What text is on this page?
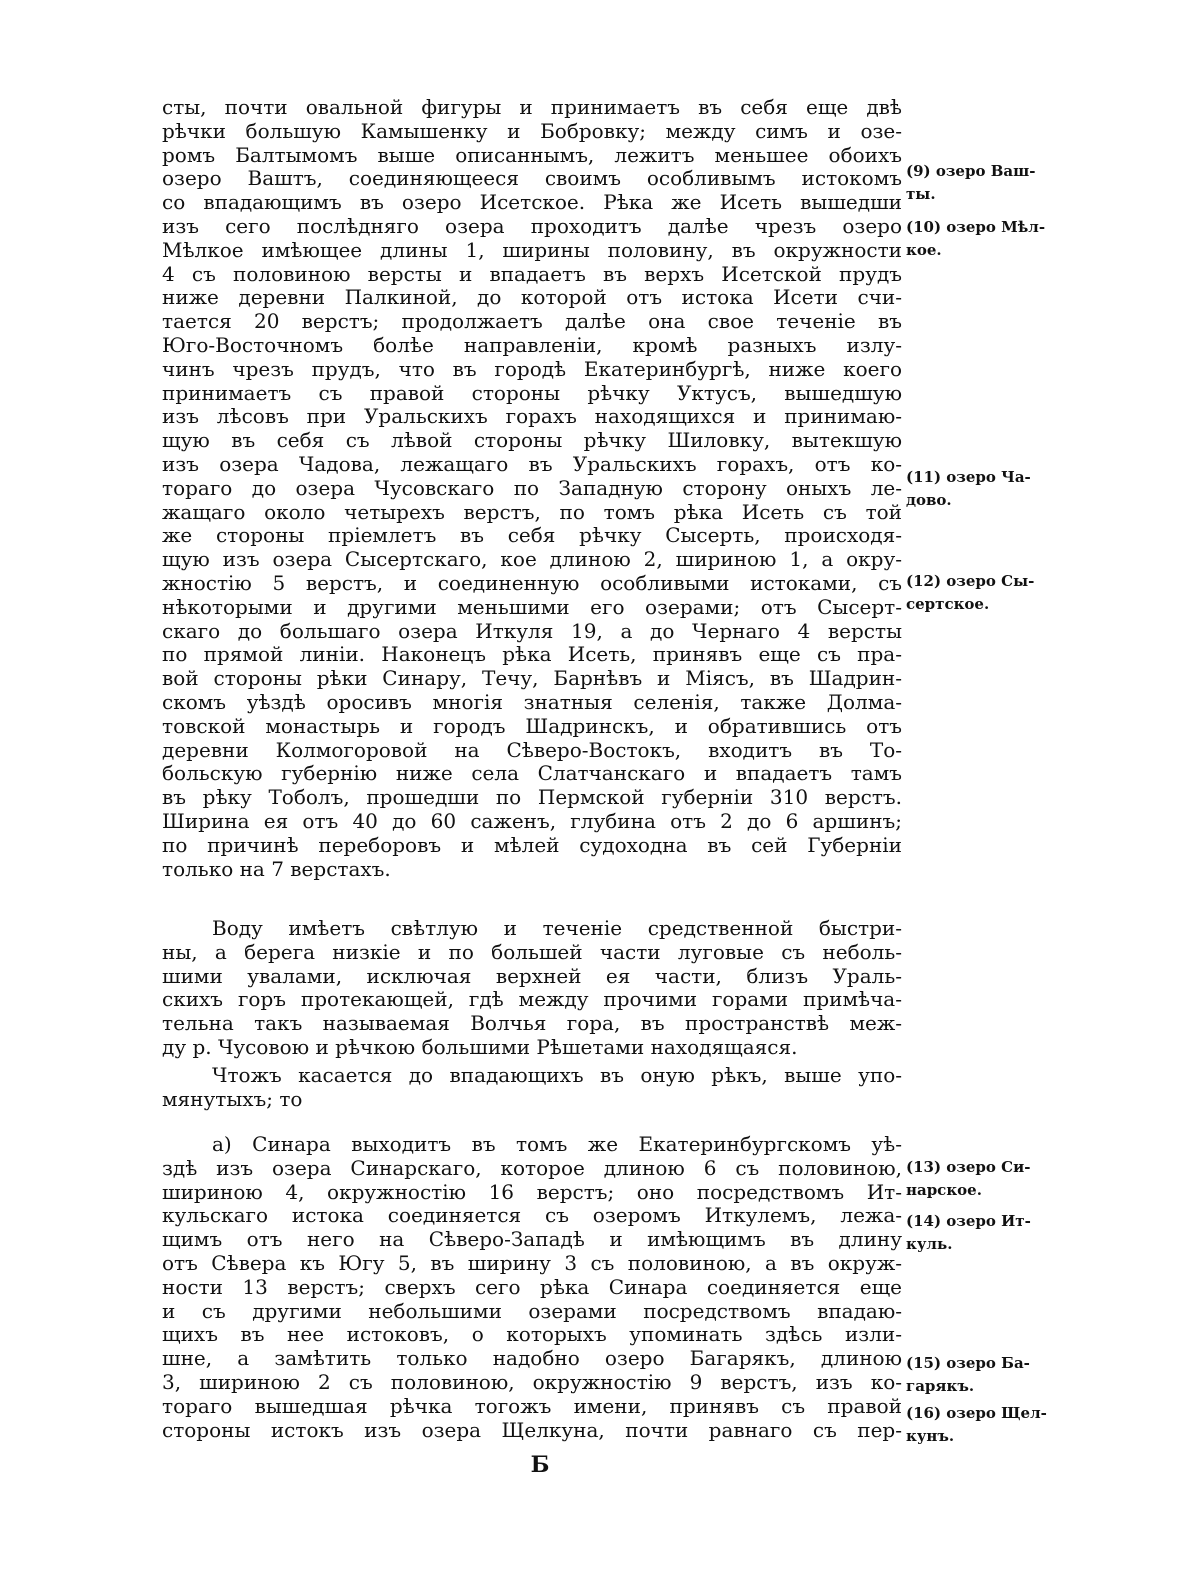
сты, почти овальной фигуры и принимаетъ въ себя еще двѣ
рѣчки большую Камышенку и Бобровку; между симъ и озе-
ромъ Балтымомъ выше описаннымъ, лежитъ меньшее обоихъ
озеро Ваштъ, соединяющееся своимъ особливымъ истокомъ
со впадающимъ въ озеро Исетское. Рѣка же Исеть вышедши
изъ сего послѣдняго озера проходитъ далѣе чрезъ озеро
Мѣлкое имѣющее длины 1, ширины половину, въ окружности
4 съ половиною версты и впадаетъ въ верхъ Исетской прудъ
ниже деревни Палкиной, до которой отъ истока Исети счи-
тается 20 верстъ; продолжаетъ далѣе она свое теченіе въ
Юго-Восточномъ болѣе направленіи, кромѣ разныхъ излу-
чинъ чрезъ прудъ, что въ городѣ Екатеринбургѣ, ниже коего
принимаетъ съ правой стороны рѣчку Уктусъ, вышедшую
изъ лѣсовъ при Уральскихъ горахъ находящихся и принимаю-
щую въ себя съ лѣвой стороны рѣчку Шиловку, вытекшую
изъ озера Чадова, лежащаго въ Уральскихъ горахъ, отъ ко-
тораго до озера Чусовскаго по Западную сторону оныхъ ле-
жащаго около четырехъ верстъ, по томъ рѣка Исеть съ той
же стороны пріемлетъ въ себя рѣчку Сысерть, происходя-
щую изъ озера Сысертскаго, кое длиною 2, шириною 1, а окру-
жностію 5 верстъ, и соединенную особливыми истоками, съ
нѣкоторыми и другими меньшими его озерами; отъ Сысерт-
скаго до большаго озера Иткуля 19, а до Чернаго 4 версты
по прямой линіи. Наконецъ рѣка Исеть, принявъ еще съ пра-
вой стороны рѣки Синару, Течу, Барнѣвъ и Міясъ, въ Шадрин-
скомъ уѣздѣ оросивъ многія знатныя селенія, также Долма-
товской монастырь и городъ Шадринскъ, и обратившись отъ
деревни Колмогоровой на Сѣверо-Востокъ, входитъ въ То-
больскую губернію ниже села Слатчанскаго и впадаетъ тамъ
въ рѣку Тоболъ, прошедши по Пермской губерніи 310 верстъ.
Ширина ея отъ 40 до 60 саженъ, глубина отъ 2 до 6 аршинъ;
по причинѣ переборовъ и мѣлей судоходна въ сей Губерніи
только на 7 верстахъ.
Воду имѣетъ свѣтлую и теченіе средственной быстри-
ны, а берега низкіе и по большей части луговые съ неболь-
шими увалами, исключая верхней ея части, близъ Ураль-
скихъ горъ протекающей, гдѣ между прочими горами примѣча-
тельна такъ называемая Волчья гора, въ пространствѣ меж-
ду р. Чусовою и рѣчкою большими Рѣшетами находящаяся.
Чтожъ касается до впадающихъ въ оную рѣкъ, выше упо-
мянутыхъ; то
а) Синара выходитъ въ томъ же Екатеринбургскомъ уѣ-
здѣ изъ озера Синарскаго, которое длиною 6 съ половиною,
шириною 4, окружностію 16 верстъ; оно посредствомъ Ит-
кульскаго истока соединяется съ озеромъ Иткулемъ, лежа-
щимъ отъ него на Сѣверо-Западѣ и имѣющимъ въ длину
отъ Сѣвера къ Югу 5, въ ширину 3 съ половиною, а въ окруж-
ности 13 верстъ; сверхъ сего рѣка Синара соединяется еще
и съ другими небольшими озерами посредствомъ впадаю-
щихъ въ нее истоковъ, о которыхъ упоминать здѣсь изли-
шне, а замѣтить только надобно озеро Багарякъ, длиною
3, шириною 2 съ половиною, окружностію 9 верстъ, изъ ко-
тораго вышедшая рѣчка тогожъ имени, принявъ съ правой
стороны истокъ изъ озера Щелкуна, почти равнаго съ пер-
(9) озеро Ваш-
ты.
(10) озеро Мѣл-
кое.
(11) озеро Ча-
дово.
(12) озеро Сы-
сертское.
(13) озеро Си-
нарское.
(14) озеро Ит-
куль.
(15) озеро Ба-
гарякъ.
(16) озеро Щел-
кунъ.
Б
